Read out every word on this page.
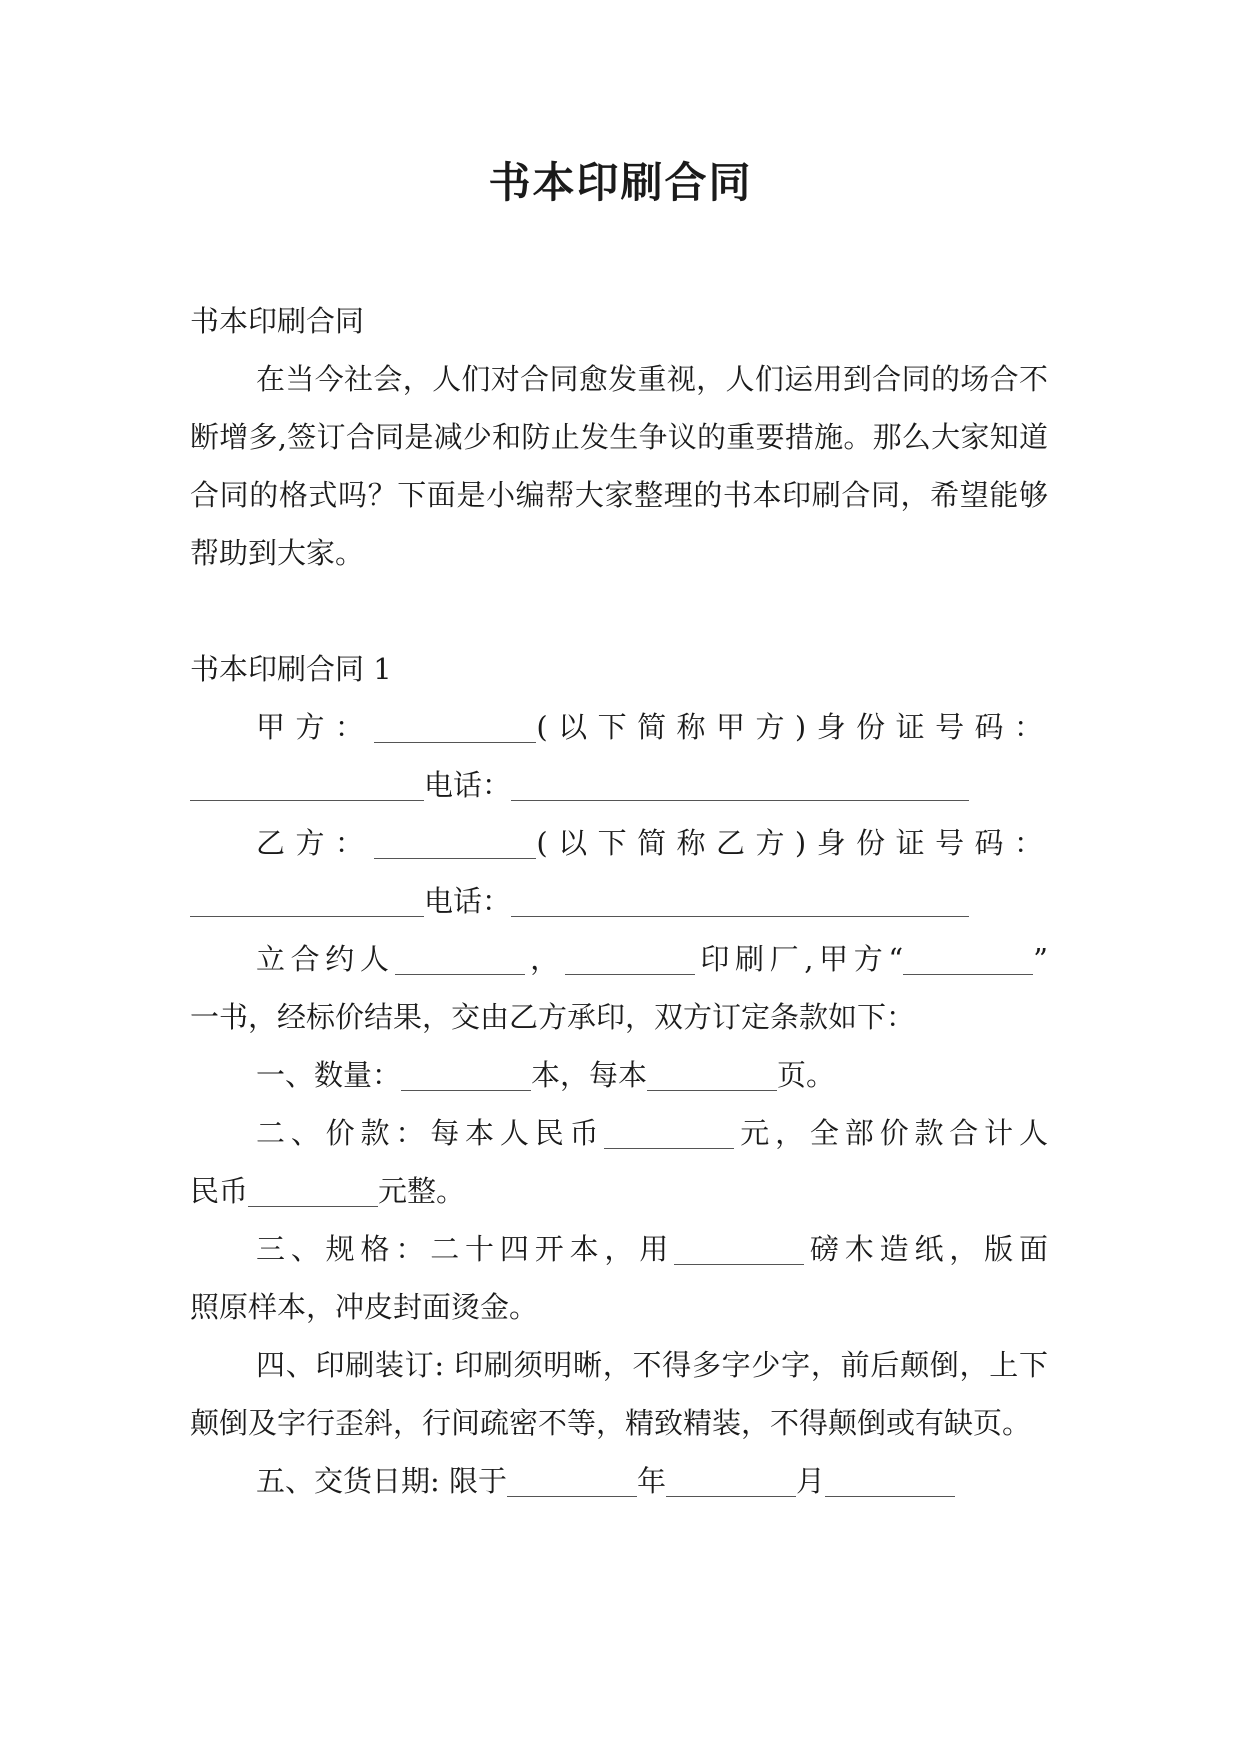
书本印刷合同

书本印刷合同

在当今社会，人们对合同愈发重视，人们运用到合同的场合不断增多,签订合同是减少和防止发生争议的重要措施。那么大家知道合同的格式吗？下面是小编帮大家整理的书本印刷合同，希望能够帮助到大家。

书本印刷合同 1

甲方：	(以下简称甲方)身份证号码：

电话：

乙方：	(以下简称乙方)身份证号码：

电话：

立合约人	，	印刷厂,甲方“	”

一书，经标价结果，交由乙方承印，双方订定条款如下：

一、数量：	本，每本	页。

二、价款：每本人民币	元，全部价款合计人

民币	元整。

三、规格：二十四开本，用	磅木造纸，版面

照原样本，冲皮封面烫金。

四、印刷装订: 印刷须明晰，不得多字少字，前后颠倒，上下颠倒及字行歪斜，行间疏密不等，精致精装，不得颠倒或有缺页。

五、交货日期: 限于	年	月
